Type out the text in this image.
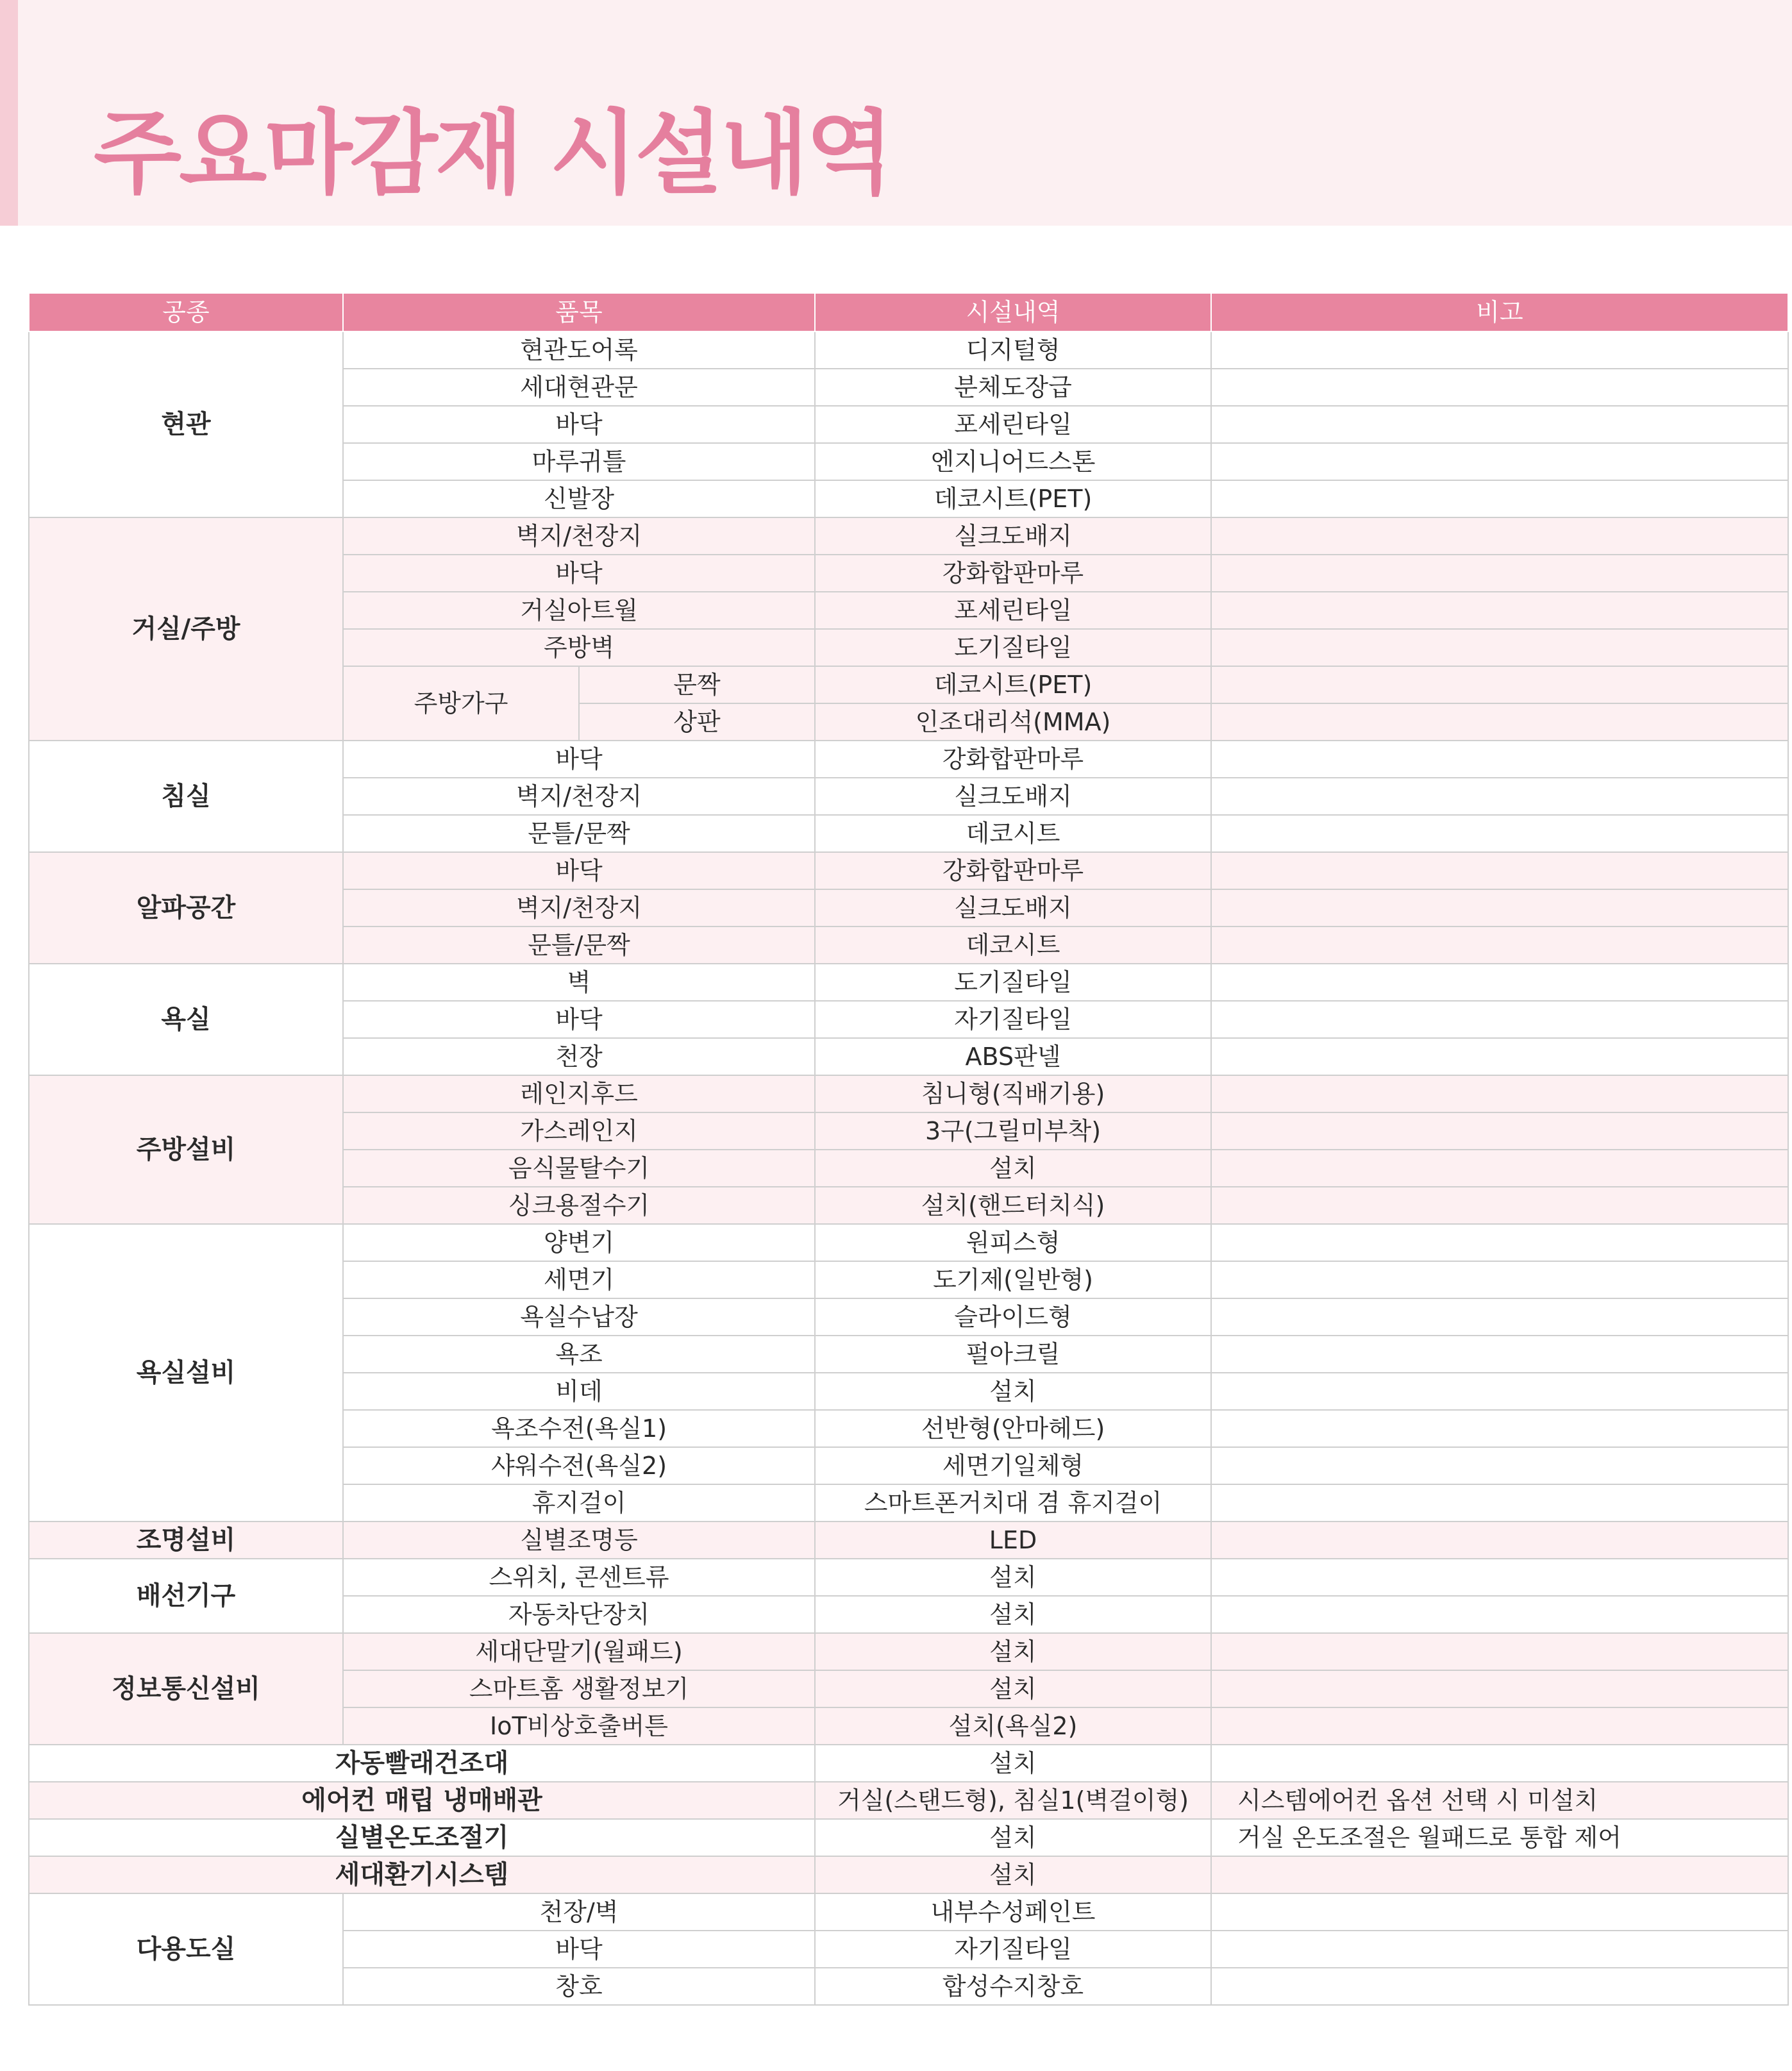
주요마감재 시설내역
공종	품목		시설내역	비고
현관	현관도어록		디지털형	
	세대현관문		분체도장급	
	바닥		포세린타일	
	마루귀틀		엔지니어드스톤	
	신발장		데코시트(PET)	
거실/주방	벽지/천장지		실크도배지	
	바닥		강화합판마루	
	거실아트월		포세린타일	
	주방벽		도기질타일	
	주방가구	문짝	데코시트(PET)	
		상판	인조대리석(MMA)	
침실	바닥		강화합판마루	
	벽지/천장지		실크도배지	
	문틀/문짝		데코시트	
알파공간	바닥		강화합판마루	
	벽지/천장지		실크도배지	
	문틀/문짝		데코시트	
욕실	벽		도기질타일	
	바닥		자기질타일	
	천장		ABS판넬	
주방설비	레인지후드		침니형(직배기용)	
	가스레인지		3구(그릴미부착)	
	음식물탈수기		설치	
	싱크용절수기		설치(핸드터치식)	
욕실설비	양변기		원피스형	
	세면기		도기제(일반형)	
	욕실수납장		슬라이드형	
	욕조		펄아크릴	
	비데		설치	
	욕조수전(욕실1)		선반형(안마헤드)	
	샤워수전(욕실2)		세면기일체형	
	휴지걸이		스마트폰거치대 겸 휴지걸이	
조명설비	실별조명등		LED	
배선기구	스위치, 콘센트류		설치	
	자동차단장치		설치	
정보통신설비	세대단말기(월패드)		설치	
	스마트홈 생활정보기		설치	
	IoT비상호출버튼		설치(욕실2)	
자동빨래건조대			설치	
에어컨 매립 냉매배관			거실(스탠드형), 침실1(벽걸이형)	시스템에어컨 옵션 선택 시 미설치
실별온도조절기			설치	거실 온도조절은 월패드로 통합 제어
세대환기시스템			설치	
다용도실	천장/벽		내부수성페인트	
	바닥		자기질타일	
	창호		합성수지창호	
